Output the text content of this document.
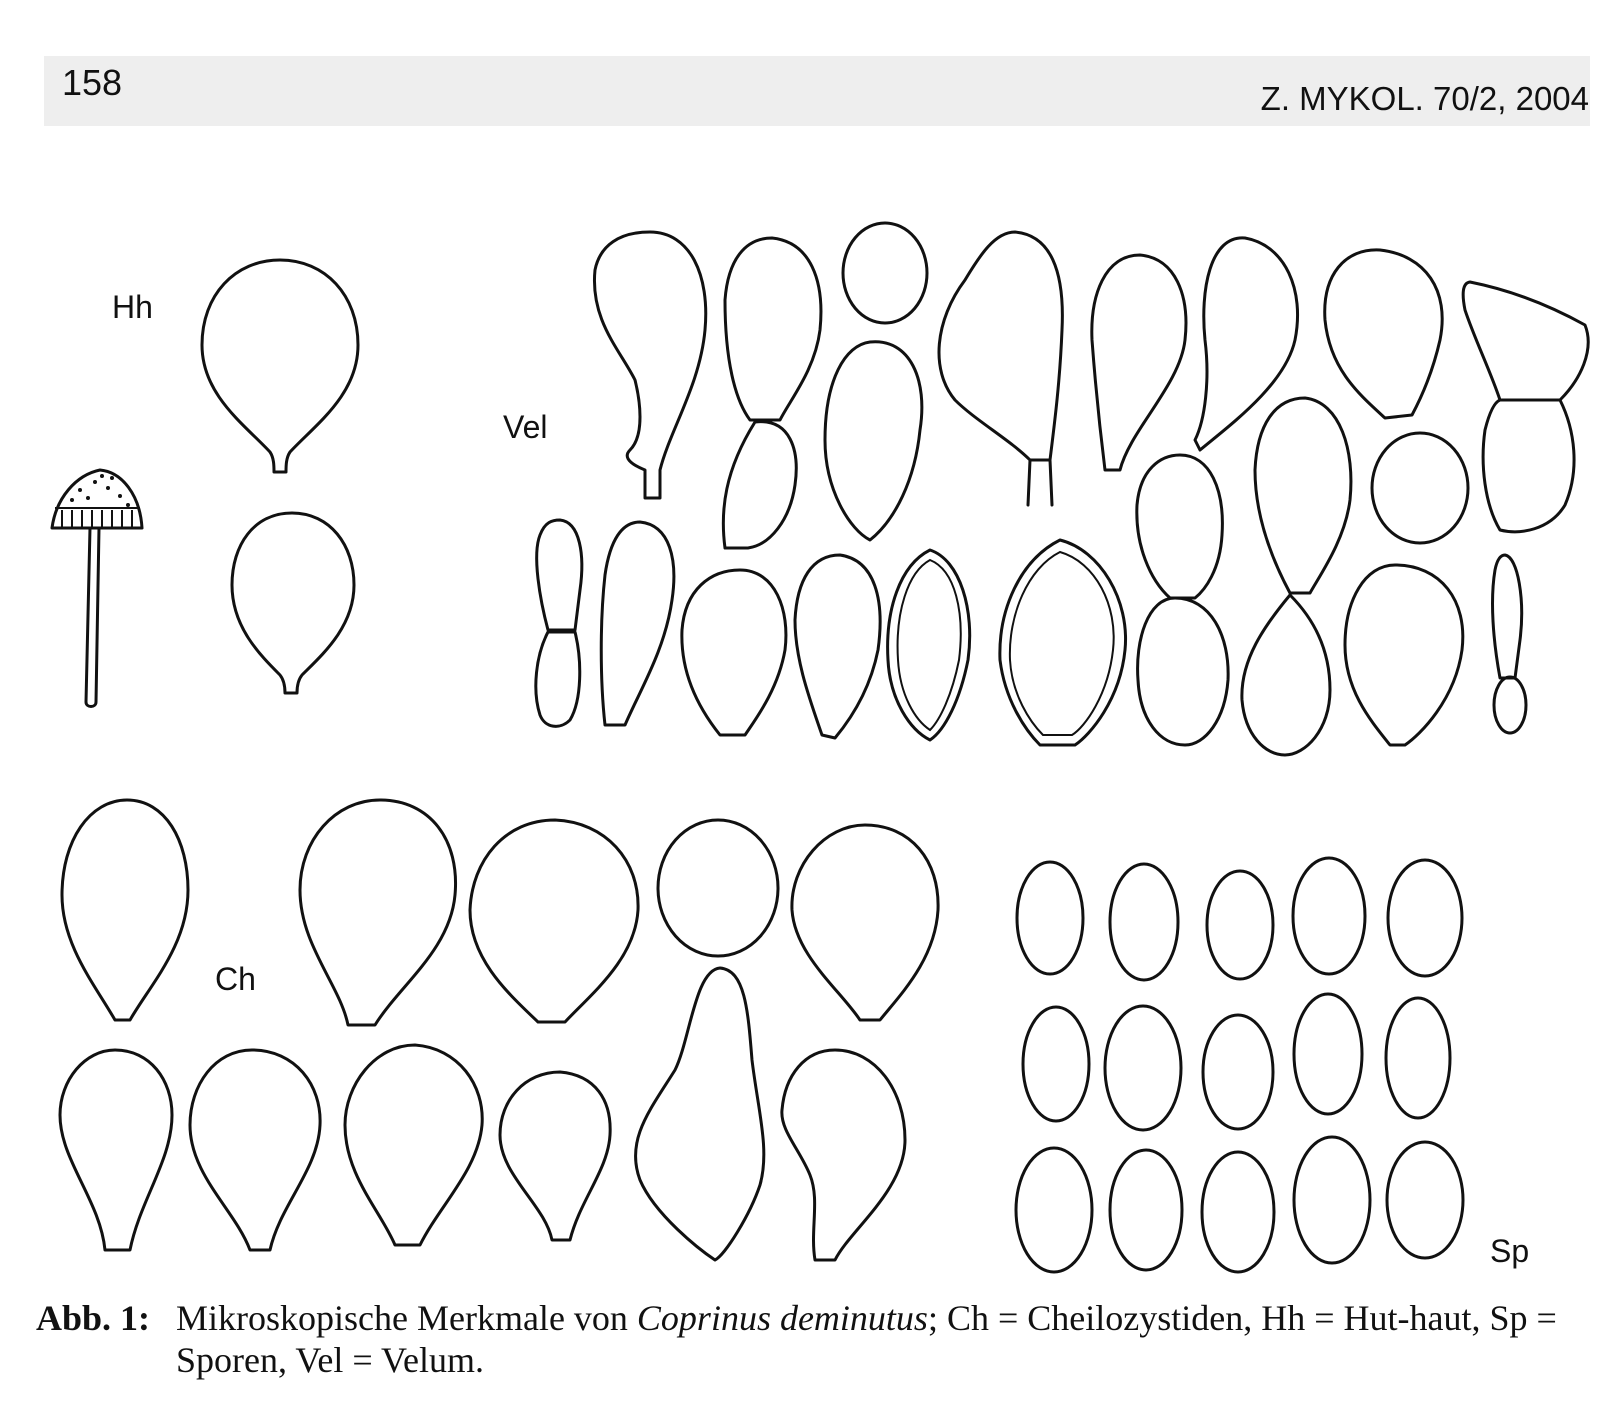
158	Z. MYKOL. 70/2, 2004
Hh
Vel
Ch
Sp
Abb. 1: Mikroskopische Merkmale von Coprinus deminutus; Ch = Cheilozystiden, Hh = Hut-haut, Sp = Sporen, Vel = Velum.
